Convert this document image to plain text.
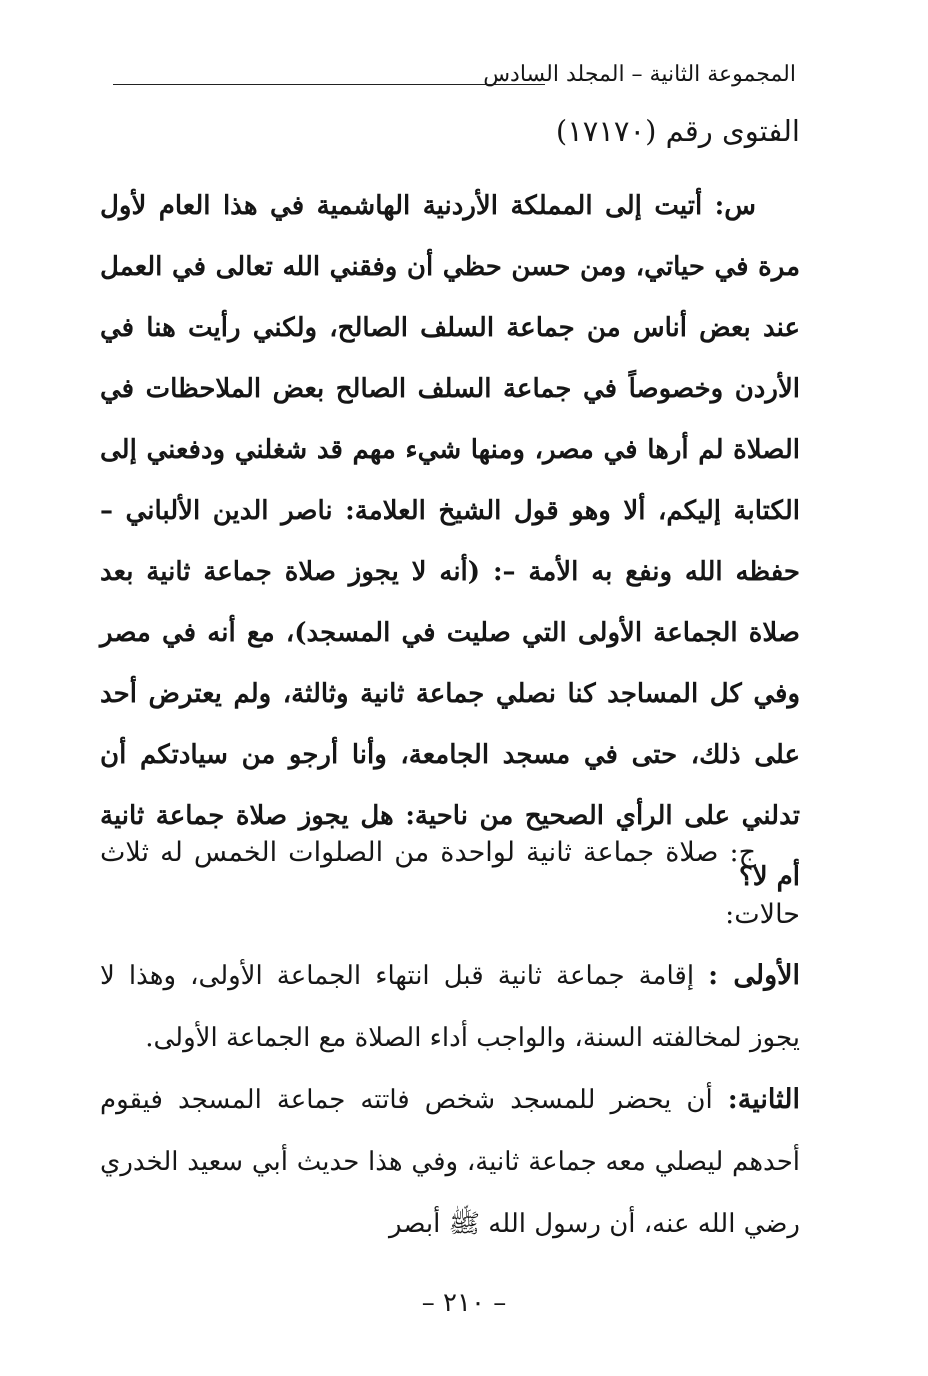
المجموعة الثانية – المجلد السادس
الفتوى رقم (١٧١٧٠)
س: أتيت إلى المملكة الأردنية الهاشمية في هذا العام لأول مرة في حياتي، ومن حسن حظي أن وفقني الله تعالى في العمل عند بعض أناس من جماعة السلف الصالح، ولكني رأيت هنا في الأردن وخصوصاً في جماعة السلف الصالح بعض الملاحظات في الصلاة لم أرها في مصر، ومنها شيء مهم قد شغلني ودفعني إلى الكتابة إليكم، ألا وهو قول الشيخ العلامة: ناصر الدين الألباني – حفظه الله ونفع به الأمة –: (أنه لا يجوز صلاة جماعة ثانية بعد صلاة الجماعة الأولى التي صليت في المسجد)، مع أنه في مصر وفي كل المساجد كنا نصلي جماعة ثانية وثالثة، ولم يعترض أحد على ذلك، حتى في مسجد الجامعة، وأنا أرجو من سيادتكم أن تدلني على الرأي الصحيح من ناحية: هل يجوز صلاة جماعة ثانية أم لا؟
ج: صلاة جماعة ثانية لواحدة من الصلوات الخمس له ثلاث حالات:
الأولى : إقامة جماعة ثانية قبل انتهاء الجماعة الأولى، وهذا لا يجوز لمخالفته السنة، والواجب أداء الصلاة مع الجماعة الأولى.
الثانية: أن يحضر للمسجد شخص فاتته جماعة المسجد فيقوم أحدهم ليصلي معه جماعة ثانية، وفي هذا حديث أبي سعيد الخدري رضي الله عنه، أن رسول الله ﷺ أبصر
– ٢١٠ –
